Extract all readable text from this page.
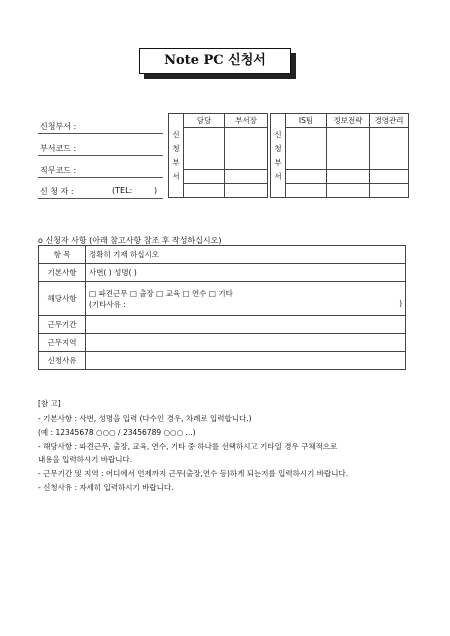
Note PC 신청서
신청부서 :
부서코드 :
직무코드 :
신 청 자 :	(TEL:	)
신
청
부
서	담당	부서장

신
청
부
서	IS팀	정보전략	경영관리

o 신청자 사항 (아래 참고사항 참조 후 작성하십시오)
항 목	정확히 기재 하십시오
기본사항	사번( ) 성명( )
해당사항	□ 파견근무 □ 출장 □ 교육 □ 연수 □ 기타
(기타사유 : )

근무기간	
근무지역	
신청사유	
[참 고]
- 기본사항 : 사번, 성명을 입력 (다수인 경우, 차례로 입력합니다.)
(예 : 12345678 ○○○ / 23456789 ○○○ ...)
- 해당사항 : 파견근무, 출장, 교육, 연수, 기타 중 하나를 선택하시고 기타일 경우 구체적으로
내용을 입력하시기 바랍니다.
- 근무기간 및 지역 : 어디에서 언제까지 근무(출장,연수 등)하게 되는지를 입력하시기 바랍니다.
- 신청사유 : 자세히 입력하시기 바랍니다.
